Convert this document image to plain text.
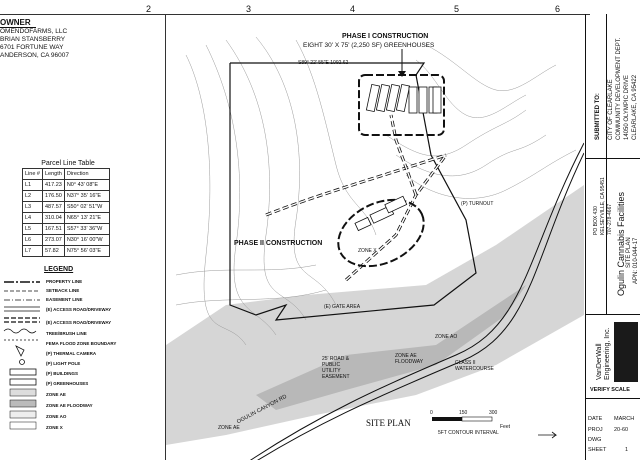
2	3	4	5	6
OWNER
OMENDOFARMS, LLC
BRIAN STANSBERRY
6701 FORTUNE WAY
ANDERSON, CA 96007
Parcel Line Table
Line #	Length	Direction
L1	417.23	N0° 43' 08"E
L2	176.50	N37° 35' 16"E
L3	487.57	S50° 02' 51"W
L4	310.04	N65° 13' 21"E
L5	167.51	S57° 33' 36"W
L6	273.07	N30° 16' 00"W
L7	57.82	N75° 56' 03"E
LEGEND
PROPERTY LINE
SETBACK LINE
EASEMENT LINE
(E) ACCESS ROAD/DRIVEWAY
(E) ACCESS ROAD/DRIVEWAY
TREE/BRUSH LINE
FEMA FLOOD ZONE BOUNDARY
(P) THERMAL CAMERA
(P) LIGHT POLE
(P) BUILDINGS
(P) GREENHOUSES
ZONE AE
ZONE AE FLOODWAY
ZONE AO
ZONE X
PHASE I CONSTRUCTION
EIGHT 30' X 75' (2,250 SF) GREENHOUSES
S89° 22' 55"E 1092.62
PHASE II CONSTRUCTION
(P) TURNOUT
(E) GATE AREA
ZONE X
ZONE AO
ZONE AE
ZONE AE FLOODWAY
25' ROAD & PUBLIC UTILITY EASEMENT
CLASS II WATERCOURSE
OGULIN CANYON RD	SITE PLAN
0	150	300
Feet
5FT CONTOUR INTERVAL
SUBMITTED TO: CITY OF CLEARLAKE COMMUNITY DEVELOPMENT DEPT. 14050 OLYMPIC DRIVE CLEARLAKE, CA 95422
PO BOX 430 KELSEYVILLE, CA 95451 707-278-4667 Ogulin Cannabis Facilities SITE PLAN APN: 010-044-17
VanDerWall Engineering, Inc.
VERIFY SCALE
DATE MARCH
PROJ 20-60
DWG
SHEET	1
